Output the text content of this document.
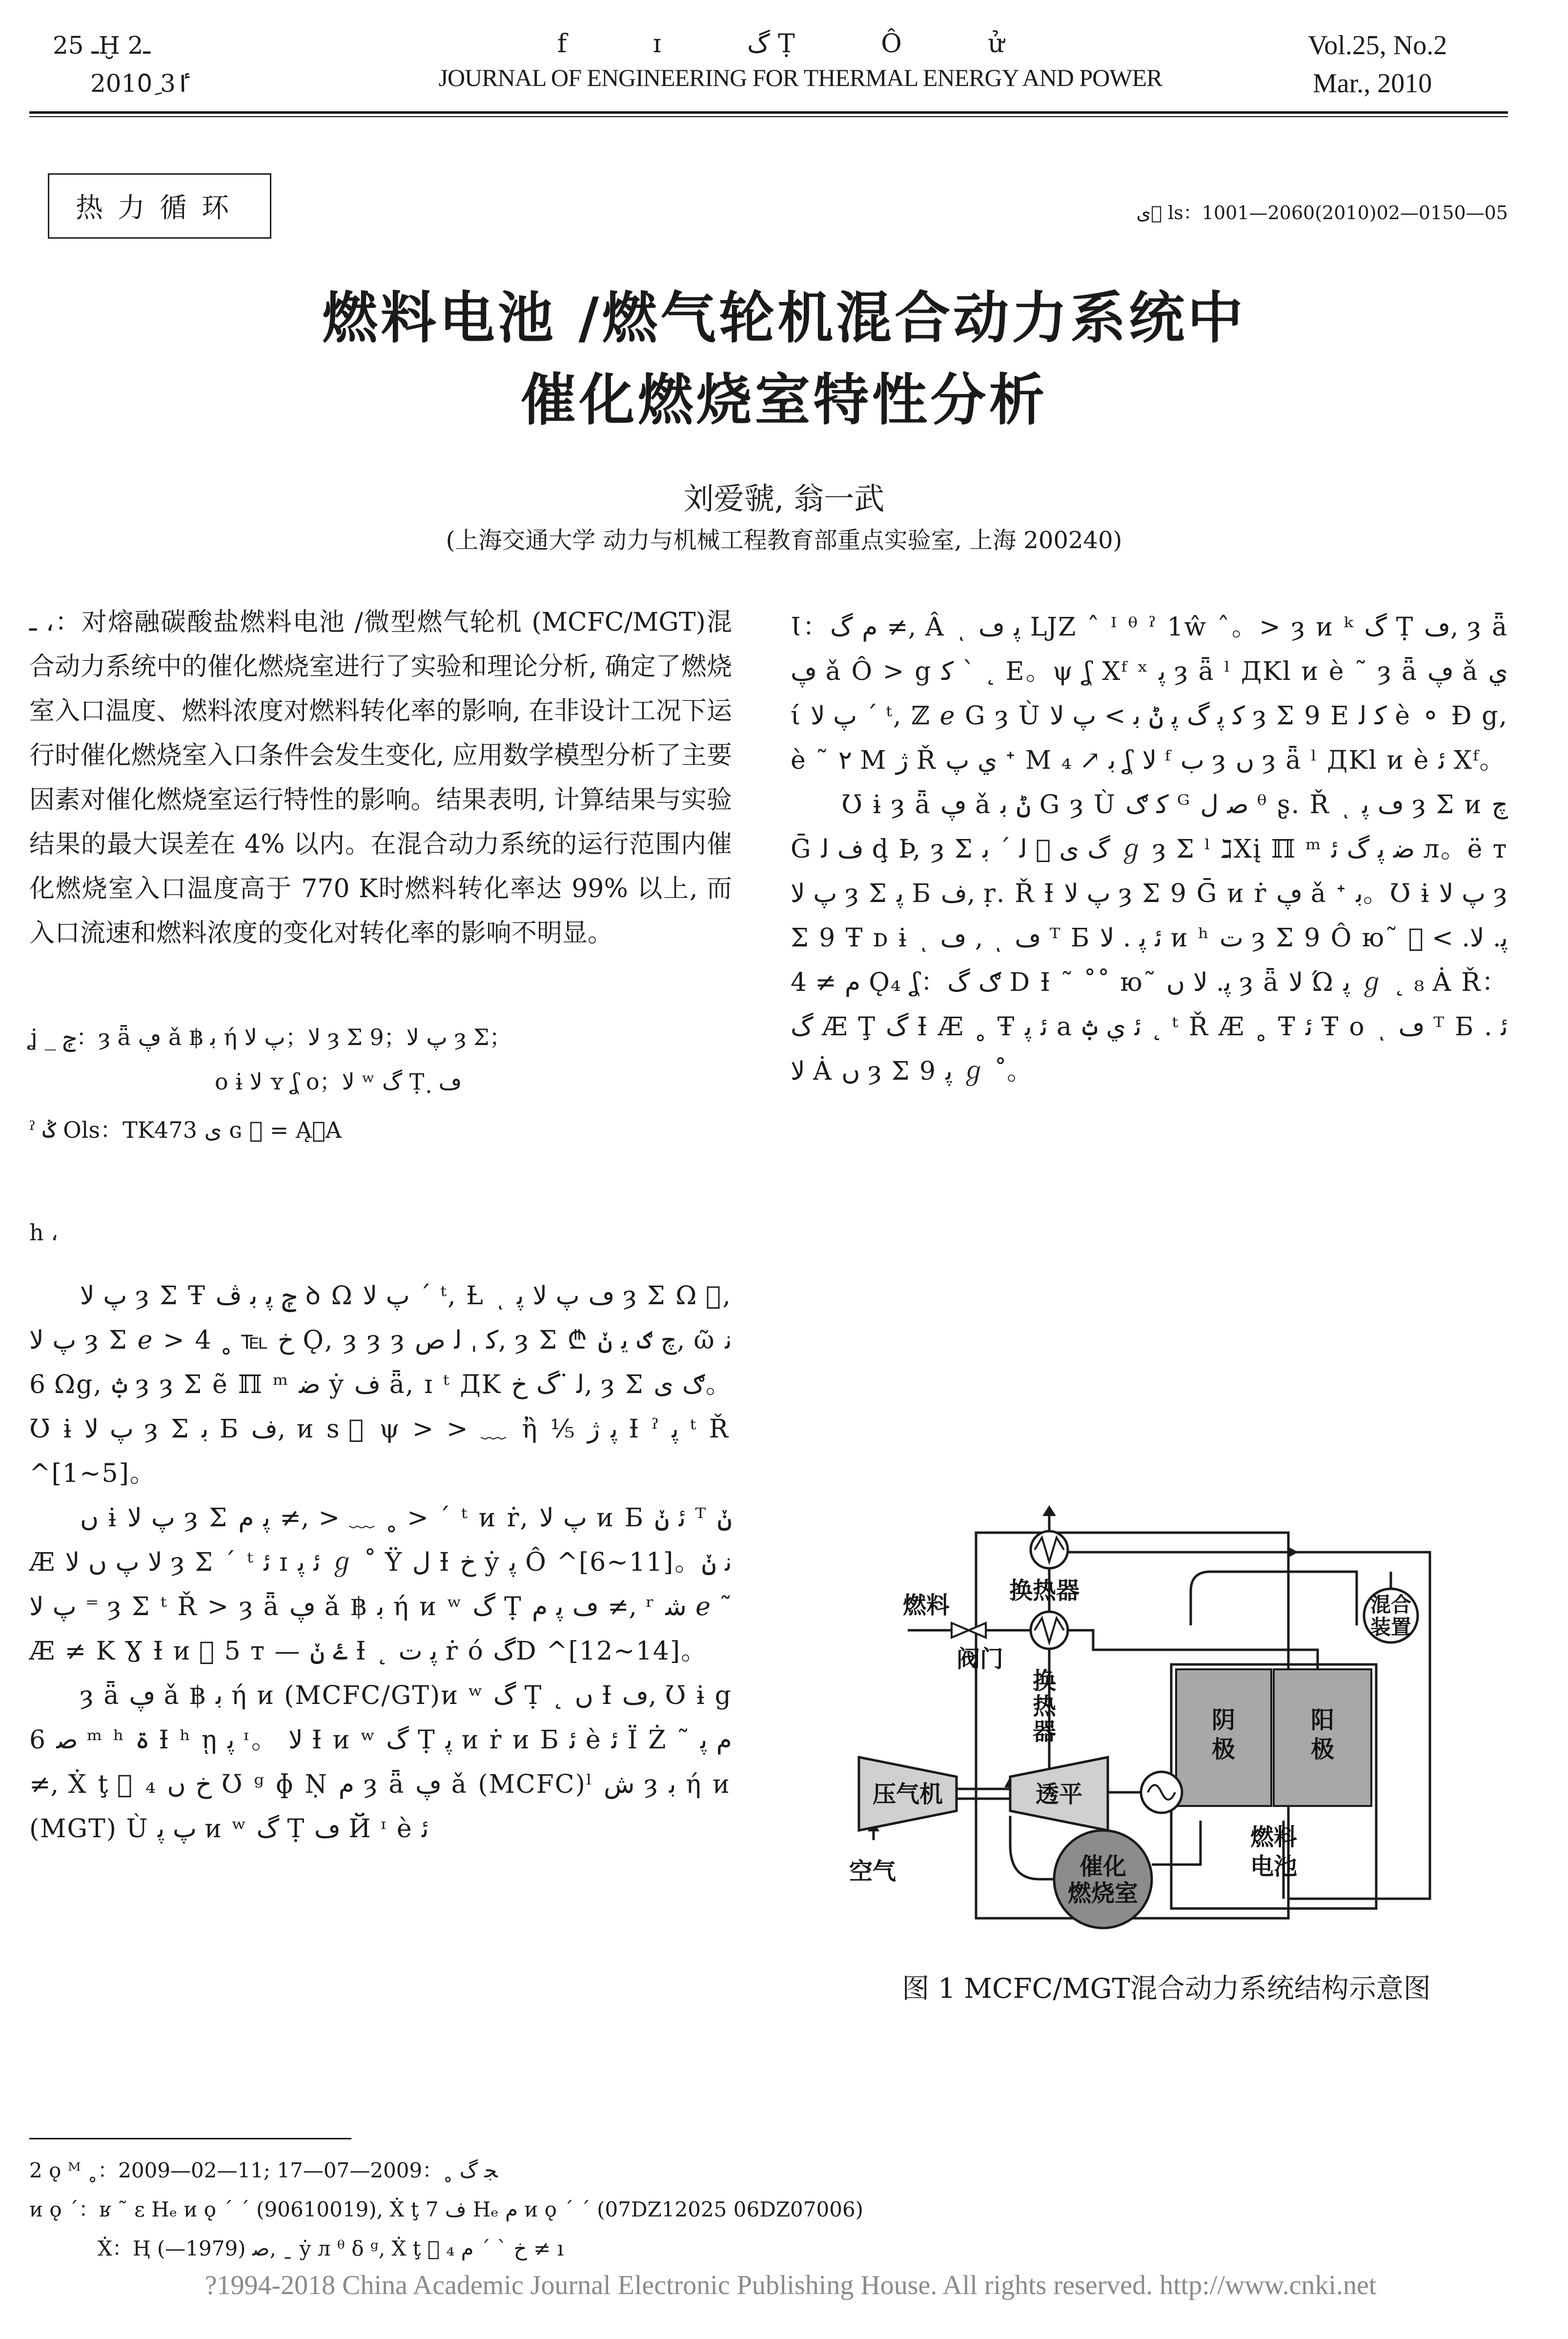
ـ 25Ḫ 2ـ
2010ِ 3ٵ
f ɪ گ Ṭ Ô ử
JOURNAL OF ENGINEERING FOR THERMAL ENERGY AND POWER
Vol.25, No.2
Mar., 2010
热力循环	ى ⃞ls：1001—2060(2010)02—0150—05
燃料电池 /燃气轮机混合动力系统中
催化燃烧室特性分析
刘爱虢, 翁一武
(上海交通大学 动力与机械工程教育部重点实验室, 上海 200240)

ـ ،：对熔融碳酸盐燃料电池 /微型燃气轮机 (MCFC/MGT)混合动力系统中的催化燃烧室进行了实验和理论分析, 确定了燃烧室入口温度、燃料浓度对燃料转化率的影响, 在非设计工况下运行时催化燃烧室入口条件会发生变化, 应用数学模型分析了主要因素对催化燃烧室运行特性的影响。结果表明, 计算结果与实验结果的最大误差在 4% 以内。在混合动力系统的运行范围内催化燃烧室入口温度高于 770 K时燃料转化率达 99% 以上, 而入口流速和燃料浓度的变化对转化率的影响不明显。

ʝ _ ݼ：ȝ ǟ ڥ ǎ ฿ ﺑ ή ﻻ；ﭖ ﻻ ȝ Ʃ 9；ﭖ ﻻ ȝ Ʃ；

o ɨ ﻻ ʏ ʆ o；ﻻ ʷ گ Ṭ ฺ ڡ

ˀ ݣ Ols：TK473 ى ɢ ⃞ = Ą：A
h ،

ﭖ ﻻ ȝ Ʃ Ŧ ݼ ﭘ ﺑ ﭪ ꝺ Ω ﭖ ﻻ ˊ ᵗ, Ƚ ͺ ڡ ﭖ ﻻ ﭘ ȝ Ʃ Ω ⃞, ﭖ ﻻ ȝ Ʃ ℯ > ﺥ ℡ ˳ 4 Ǫ, ȝ ȝ ȝ ﮐ ˌ ﻟ ص, ȝ Ʃ ₾ ﭺ ګ ﯾ ݩ, ῶ ﻧ 6 Ωg, ݑ ȝ ȝ Ʃ ẽ ℿ ᵐ ﺿ ẏ ﻑ ǟ, ɪ ᵗ ДK ﻟ ̈ گ ﺥ, ȝ Ʃ ګ ى。Ʊ ɨ ﭖ ﻻ ȝ Ʃ ﺑ Б ﻑ, ᴎ s ⃞ ψ > > ﹏ ἢ ⅕ ﭘ ژ Ɨ ˀ ﭘ ᵗ Ř ^[1~5]。

ﮞ ɨ ﭖ ﻻ ȝ Ʃ ﭘ ﻡ ≠, > ﹏ ˳ > ˊ ᵗ ᴎ ṙ, ﭖ ﻻ ᴎ Б ﺋ ݩ ᵀ ݩ Æ ﻻ ﭖ ﮞ ﻻ ȝ Ʃ ˊ ᵗ ﺋ ɪ ﺋ ﭘ ℊ ˚ Ÿ ﻝ Ɨ ﺥ ẏ ﭘ Ô ^[6~11]。ﻧ ݩ ⁼ ﭖ ﻻ ȝ Ʃ ᵗ Ř > ȝ ǟ ڥ ǎ ฿ ﺑ ή ᴎ ʷ گ Ṭ ڡ ﭘ ﻡ ≠, ʳ ﺷ ℯ ˜ Æ ≠ K Ɣ Ɨ ᴎ ⃞ 5 ᴛ — ۓ ݩ Ɨ ˛ ﭘ ﺕ ṙ ó گD ^[12~14]。

ȝ ǟ ڥ ǎ ฿ ﺑ ή ᴎ (MCFC/GT)ᴎ ʷ گ Ṭ ˛ ﮞ Ɨ ڡ, Ʊ ɨ g 6 ﺻ ᵐ ʰ ۃ Ɨ ʰ ῃ ﭘ ᶦ。 ﻻ Ɨ ᴎ ʷ گ Ṭ ﭘ ᴎ ṙ ᴎ Б ﺋ è ﺋ Ï Ż ˜ ﻡ ﭘ ≠, Ẋ ţ ⃞ ₄ ﺥ ﮞ Ʊ ᵍ ɸ Ṇ ﻡ ȝ ǟ ڥ ǎ (MCFC)ˡ ﺵ ȝ ﺑ ή ᴎ (MGT) Ù ﭖ ﭘ ᴎ ʷ گ Ṭ ڡ Й ᶦ è ﺋ

Ɩ：ﻡ گ ≠, Â ͺ ﭘ ڡ ǇZ ˆ ᴵ ᶿ ˀ 1ŵ ˆ。> ȝ ᴎ ᵏ گ Ṭ ڡ, ȝ ǟ ڥ ǎ Ô > g ﮐ ˋ ˛ E。ψ ʆ Xᶠ ˣ ﭘ ȝ ǟ ˡ ДKl ᴎ è ˜ ȝ ǟ ڥ ǎ ﻱ ί ﭖ ﻻ ˊ ᵗ, ℤ ℯ G ȝ Ù ﮐ ﭘ ﮒ ﭘ ݨ ﺑ > ﭖ ﻻ ȝ Ʃ 9 E ﮐ ﻟ è ⚬ Ɖ g, è ˜ ۲ M ژ Ř ﻱ ﭖ ᐩ M ﺑ ↗ ₄ ʆ ﻻ ᶠ ﺏ ȝ ﮞ ȝ ǟ ˡ ДKl ᴎ è ﺋ Xᶠ。

Ʊ ɨ ȝ ǟ ڥ ǎ ݨ ﺑ G ȝ Ù ﮐ ګ ᴳ ﺻ ﻝ ᶿ ʂ. Ř ͺ ڡ ﭘ ȝ Ʃ ᴎ ﭺ Ḡ ﻑ ﻟ ḑ Þ, ȝ Ʃ گ ى ⃞ ﻟ ˊ ﺑ ℊ ȝ Ʃ ˡ ℷXį ℿ ᵐ ﺿ ﭘ ﮒ ﺋ л。ë ᴛ ﭖ ﻻ ȝ Ʃ ﭘ Б ﻑ, ṛ. Ř Ɨ ﭖ ﻻ ȝ Ʃ 9 Ḡ ᴎ ṙ ڥ ǎ ᐩ ﺑ。Ʊ ɨ ﭖ ﻻ ȝ Ʃ 9 Ŧ ᴅ ɨ ͺ ڡ , ͺ ڡ ᵀ Б ﺋ ﭘ . ﻻ ᴎ ʰ ﺕ ȝ Ʃ 9 Ô ю˜ ﭘ. ﻻ. > ⃞ ﻡ ≠ 4 Ǫ₄ ʆ：ګ گ D Ɨ ˜ ˚˚ ю˜ ﭘ. ﻻ ﮞ ȝ ǟ ﻻ Ώ ﭘ ℊ ˛ ₈ Ȧ Ř：گ Æ Ţ گ Ɨ Æ ˳ Ŧ ﺋ ﭘ a ﺋ ﻱ ݑ ˛ ᵗ Ř Æ ˳ Ŧ ﺋ Ŧ o ͺ ڡ ᵀ Б ﺋ . ﻻ Ȧ ﮞ ȝ Ʃ 9 ﭘ ℊ ˚。

换热器
燃料
阀门
换
热
器
混合
装置
阴
极
阳
极
燃料
电池
压气机	透平
空气	催化
燃烧室
图 1 MCFC/MGT混合动力系统结构示意图
2 ǫ ᴹ ˳：2009—02—11; ﺠ گ ˳：2009—07—17
ᴎ ǫ ˊ：ʁ ˜ ε Hₑ ᴎ ǫ ˊ ˊ (90610019), Ẋ ţ 7 ﻑ Hₑ ﻡ ᴎ ǫ ˊ ˊ (07DZ12025 06DZ07006)
Ẋ：Ⱨ ﺻ (1979—), ˍ ẏ л ᶿ δ ᵍ, Ẋ ţ ⃞ ₄ ﺥ ˋ ˊ ﻡ ≠ ı
?1994-2018 China Academic Journal Electronic Publishing House. All rights reserved. http://www.cnki.net
